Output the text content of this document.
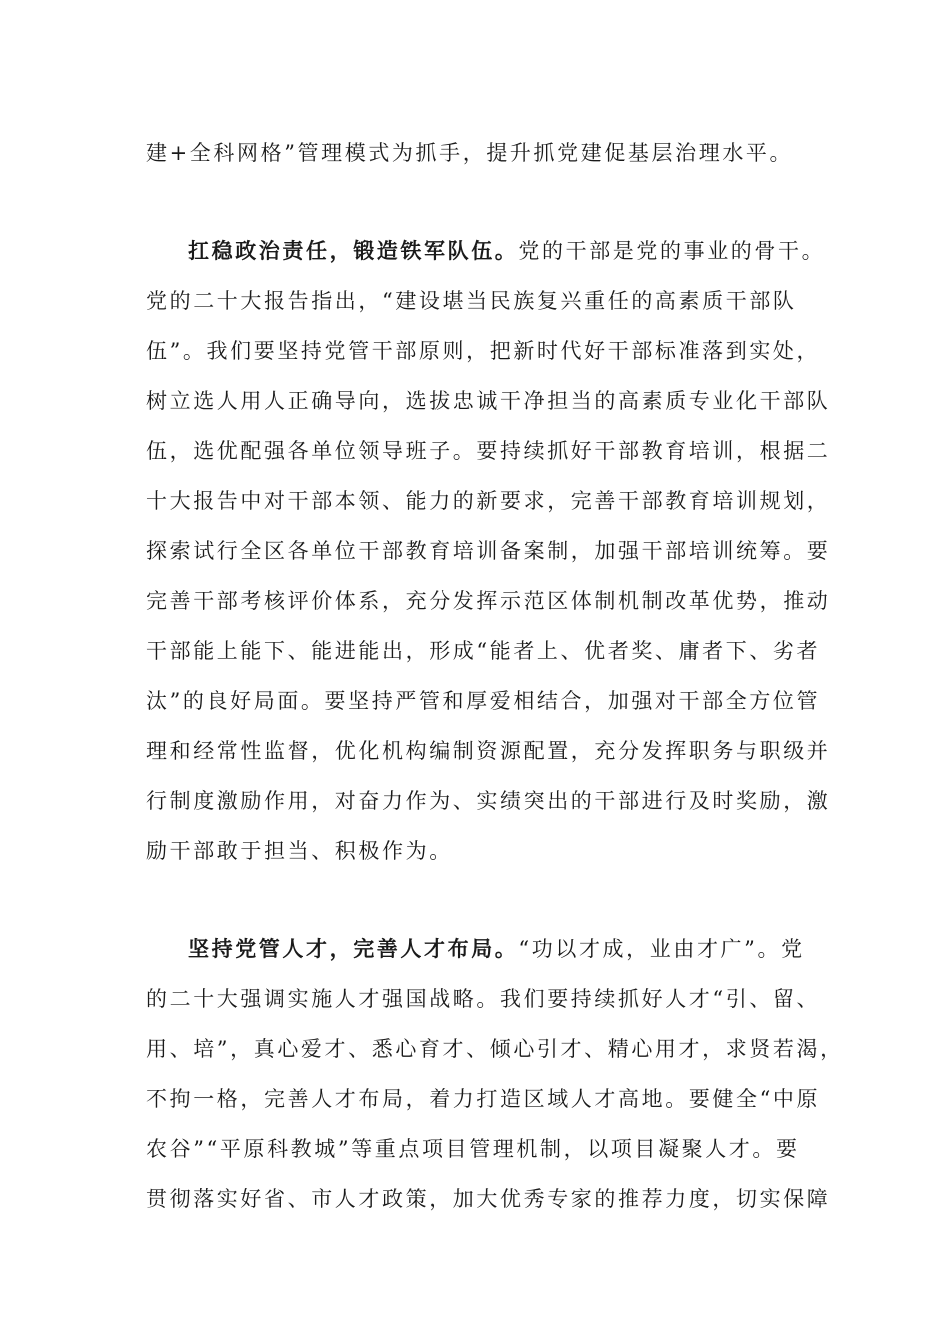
建+全科网格”管理模式为抓手，提升抓党建促基层治理水平。
扛稳政治责任，锻造铁军队伍。党的干部是党的事业的骨干。
党的二十大报告指出，“建设堪当民族复兴重任的高素质干部队
伍”。我们要坚持党管干部原则，把新时代好干部标准落到实处，
树立选人用人正确导向，选拔忠诚干净担当的高素质专业化干部队
伍，选优配强各单位领导班子。要持续抓好干部教育培训，根据二
十大报告中对干部本领、能力的新要求，完善干部教育培训规划，
探索试行全区各单位干部教育培训备案制，加强干部培训统筹。要
完善干部考核评价体系，充分发挥示范区体制机制改革优势，推动
干部能上能下、能进能出，形成“能者上、优者奖、庸者下、劣者
汰”的良好局面。要坚持严管和厚爱相结合，加强对干部全方位管
理和经常性监督，优化机构编制资源配置，充分发挥职务与职级并
行制度激励作用，对奋力作为、实绩突出的干部进行及时奖励，激
励干部敢于担当、积极作为。
坚持党管人才，完善人才布局。“功以才成，业由才广”。党
的二十大强调实施人才强国战略。我们要持续抓好人才“引、留、
用、培”，真心爱才、悉心育才、倾心引才、精心用才，求贤若渴，
不拘一格，完善人才布局，着力打造区域人才高地。要健全“中原
农谷”“平原科教城”等重点项目管理机制，以项目凝聚人才。要
贯彻落实好省、市人才政策，加大优秀专家的推荐力度，切实保障
